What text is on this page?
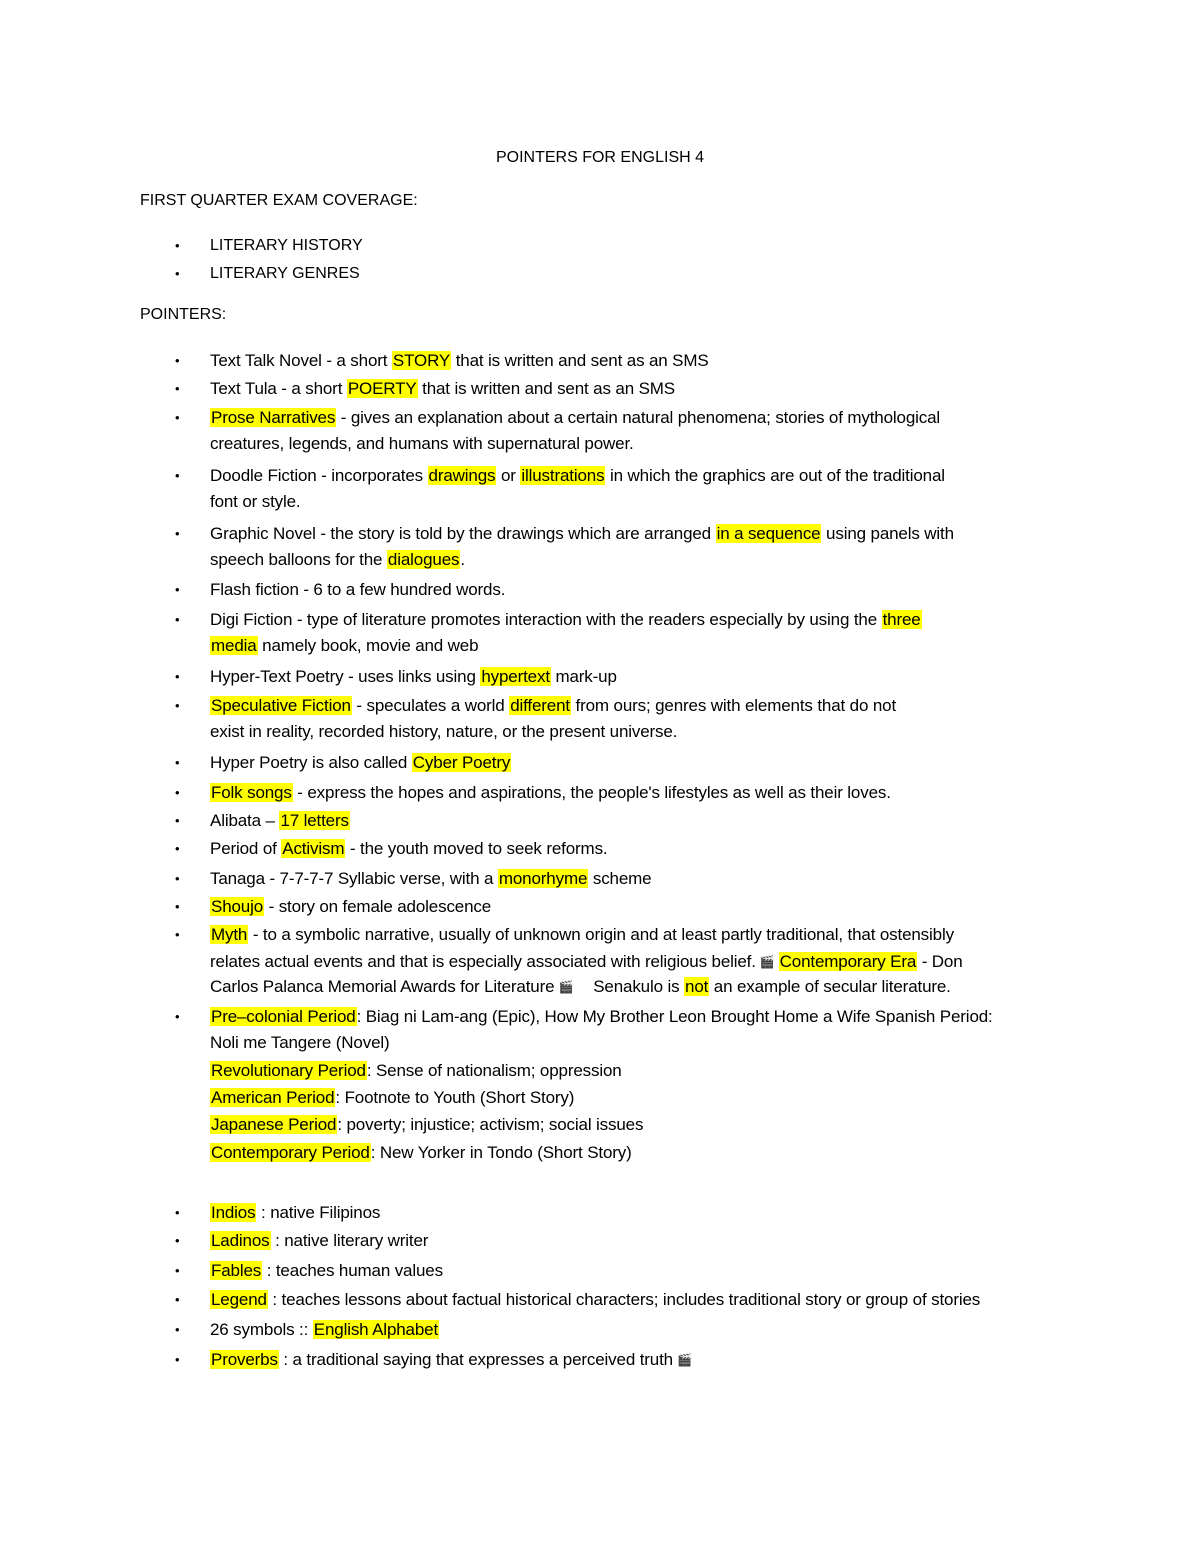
POINTERS FOR ENGLISH 4
FIRST QUARTER EXAM COVERAGE:
• LITERARY HISTORY
• LITERARY GENRES
POINTERS:
• Text Talk Novel - a short STORY that is written and sent as an SMS
• Text Tula - a short POERTY that is written and sent as an SMS
• Prose Narratives - gives an explanation about a certain natural phenomena; stories of mythological
creatures, legends, and humans with supernatural power.
• Doodle Fiction - incorporates drawings or illustrations in which the graphics are out of the traditional
font or style.
• Graphic Novel - the story is told by the drawings which are arranged in a sequence using panels with
speech balloons for the dialogues.
• Flash fiction - 6 to a few hundred words.
• Digi Fiction - type of literature promotes interaction with the readers especially by using the three
media namely book, movie and web
• Hyper-Text Poetry - uses links using hypertext mark-up
• Speculative Fiction - speculates a world different from ours; genres with elements that do not
exist in reality, recorded history, nature, or the present universe.
• Hyper Poetry is also called Cyber Poetry
• Folk songs - express the hopes and aspirations, the people's lifestyles as well as their loves.
• Alibata – 17 letters
• Period of Activism - the youth moved to seek reforms.
• Tanaga - 7-7-7-7 Syllabic verse, with a monorhyme scheme
• Shoujo - story on female adolescence
• Myth - to a symbolic narrative, usually of unknown origin and at least partly traditional, that ostensibly
relates actual events and that is especially associated with religious belief. 🎬 Contemporary Era - Don
Carlos Palanca Memorial Awards for Literature 🎬 Senakulo is not an example of secular literature.
• Pre–colonial Period: Biag ni Lam-ang (Epic), How My Brother Leon Brought Home a Wife Spanish Period:
Noli me Tangere (Novel)
Revolutionary Period: Sense of nationalism; oppression
American Period: Footnote to Youth (Short Story)
Japanese Period: poverty; injustice; activism; social issues
Contemporary Period: New Yorker in Tondo (Short Story)
• Indios : native Filipinos
• Ladinos : native literary writer
• Fables : teaches human values
• Legend : teaches lessons about factual historical characters; includes traditional story or group of stories
• 26 symbols :: English Alphabet
• Proverbs : a traditional saying that expresses a perceived truth 🎬
